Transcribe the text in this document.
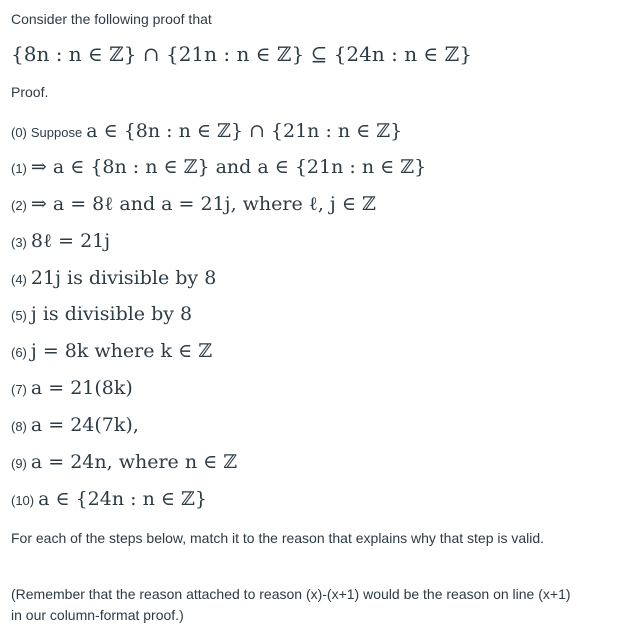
Consider the following proof that

{8n : n ∈ ℤ} ∩ {21n : n ∈ ℤ} ⊆ {24n : n ∈ ℤ}
Proof.
(0) Suppose a ∈ {8n : n ∈ ℤ} ∩ {21n : n ∈ ℤ}
(1) ⇒ a ∈ {8n : n ∈ ℤ} and a ∈ {21n : n ∈ ℤ}
(2) ⇒ a = 8ℓ and a = 21j, where ℓ, j ∈ ℤ
(3) 8ℓ = 21j
(4) 21j is divisible by 8
(5) j is divisible by 8
(6) j = 8k where k ∈ ℤ
(7) a = 21(8k)
(8) a = 24(7k),
(9) a = 24n, where n ∈ ℤ
(10) a ∈ {24n : n ∈ ℤ}

For each of the steps below, match it to the reason that explains why that step is valid.

(Remember that the reason attached to reason (x)-(x+1) would be the reason on line (x+1) in our column-format proof.)
